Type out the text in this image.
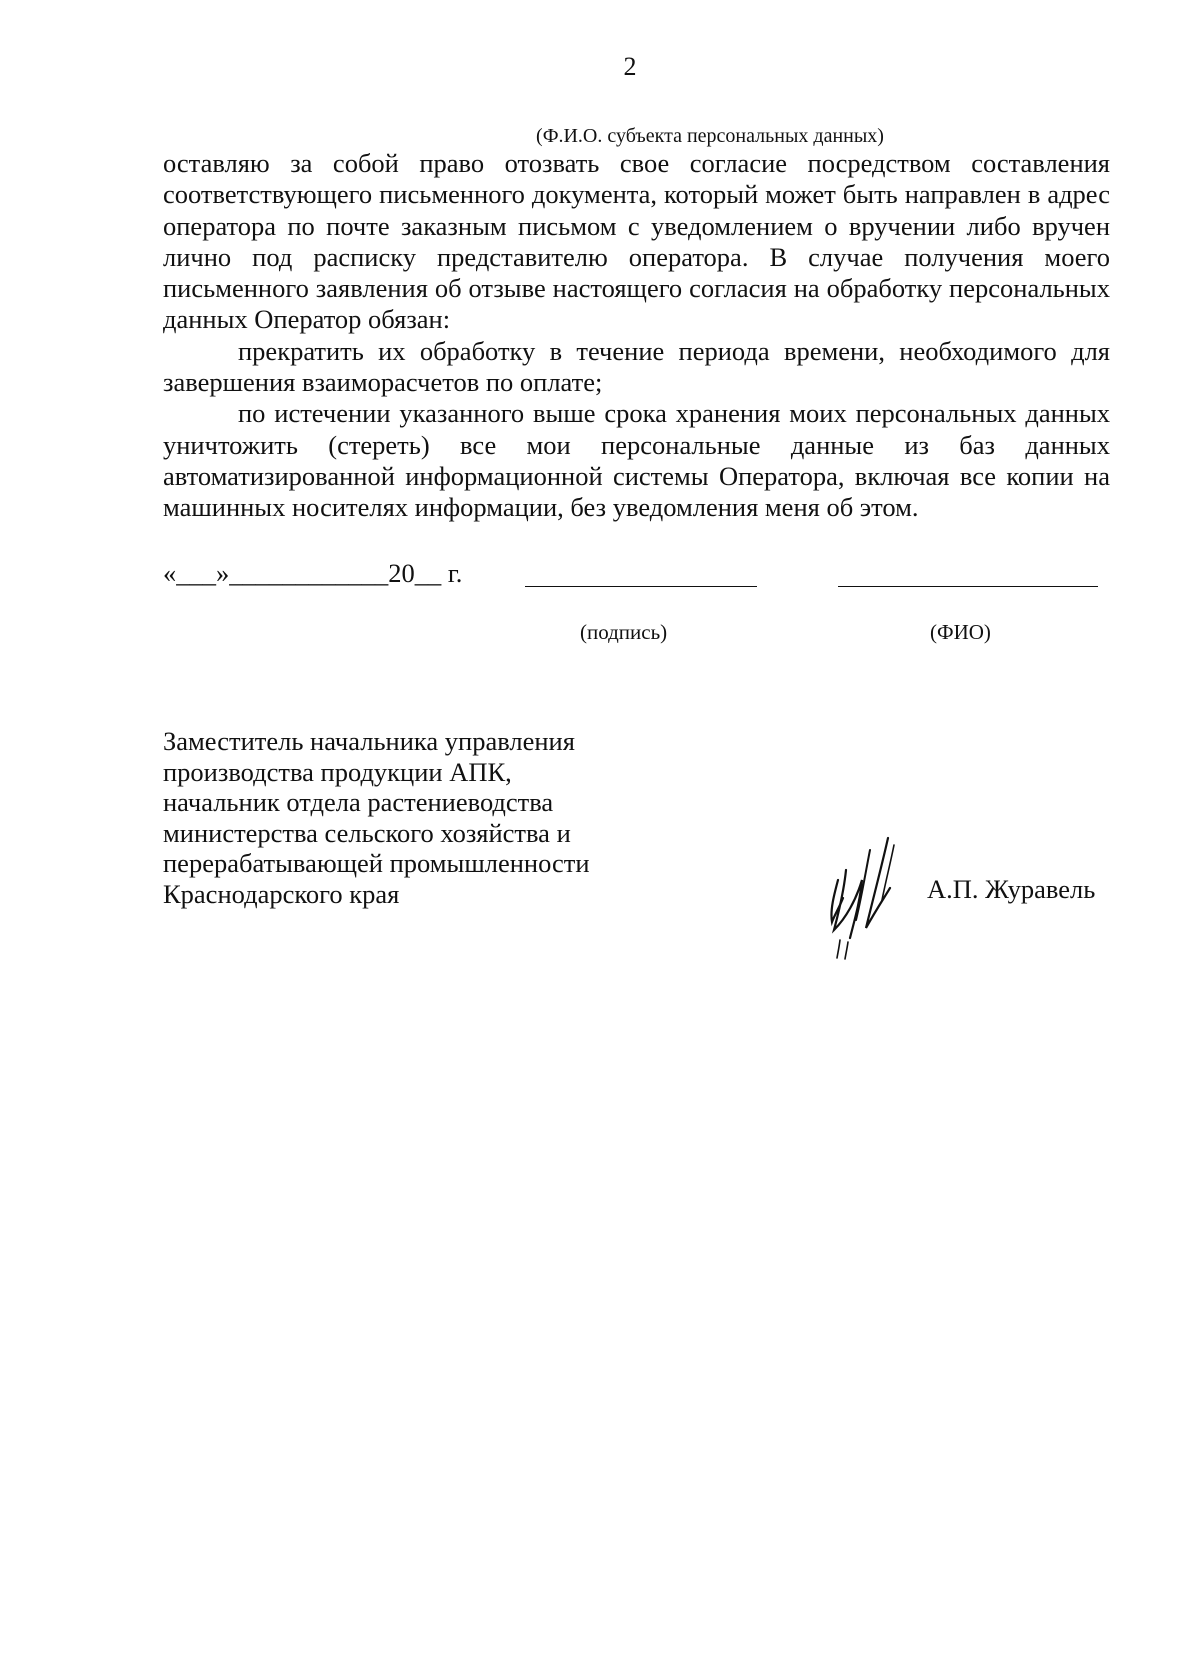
2
(Ф.И.О. субъекта персональных данных)

оставляю за собой право отозвать свое согласие посредством составления соответствующего письменного документа, который может быть направлен в адрес оператора по почте заказным письмом с уведомлением о вручении либо вручен лично под расписку представителю оператора. В случае получения моего письменного заявления об отзыве настоящего согласия на обработку персональных данных Оператор обязан:

прекратить их обработку в течение периода времени, необходимого для завершения взаиморасчетов по оплате;

по истечении указанного выше срока хранения моих персональных данных уничтожить (стереть) все мои персональные данные из баз данных автоматизированной информационной системы Оператора, включая все копии на машинных носителях информации, без уведомления меня об этом.

«___»____________20__ г.
(подпись)	(ФИО)
Заместитель начальника управления
производства продукции АПК,
начальник отдела растениеводства
министерства сельского хозяйства и
перерабатывающей промышленности
Краснодарского края	А.П. Журавель
